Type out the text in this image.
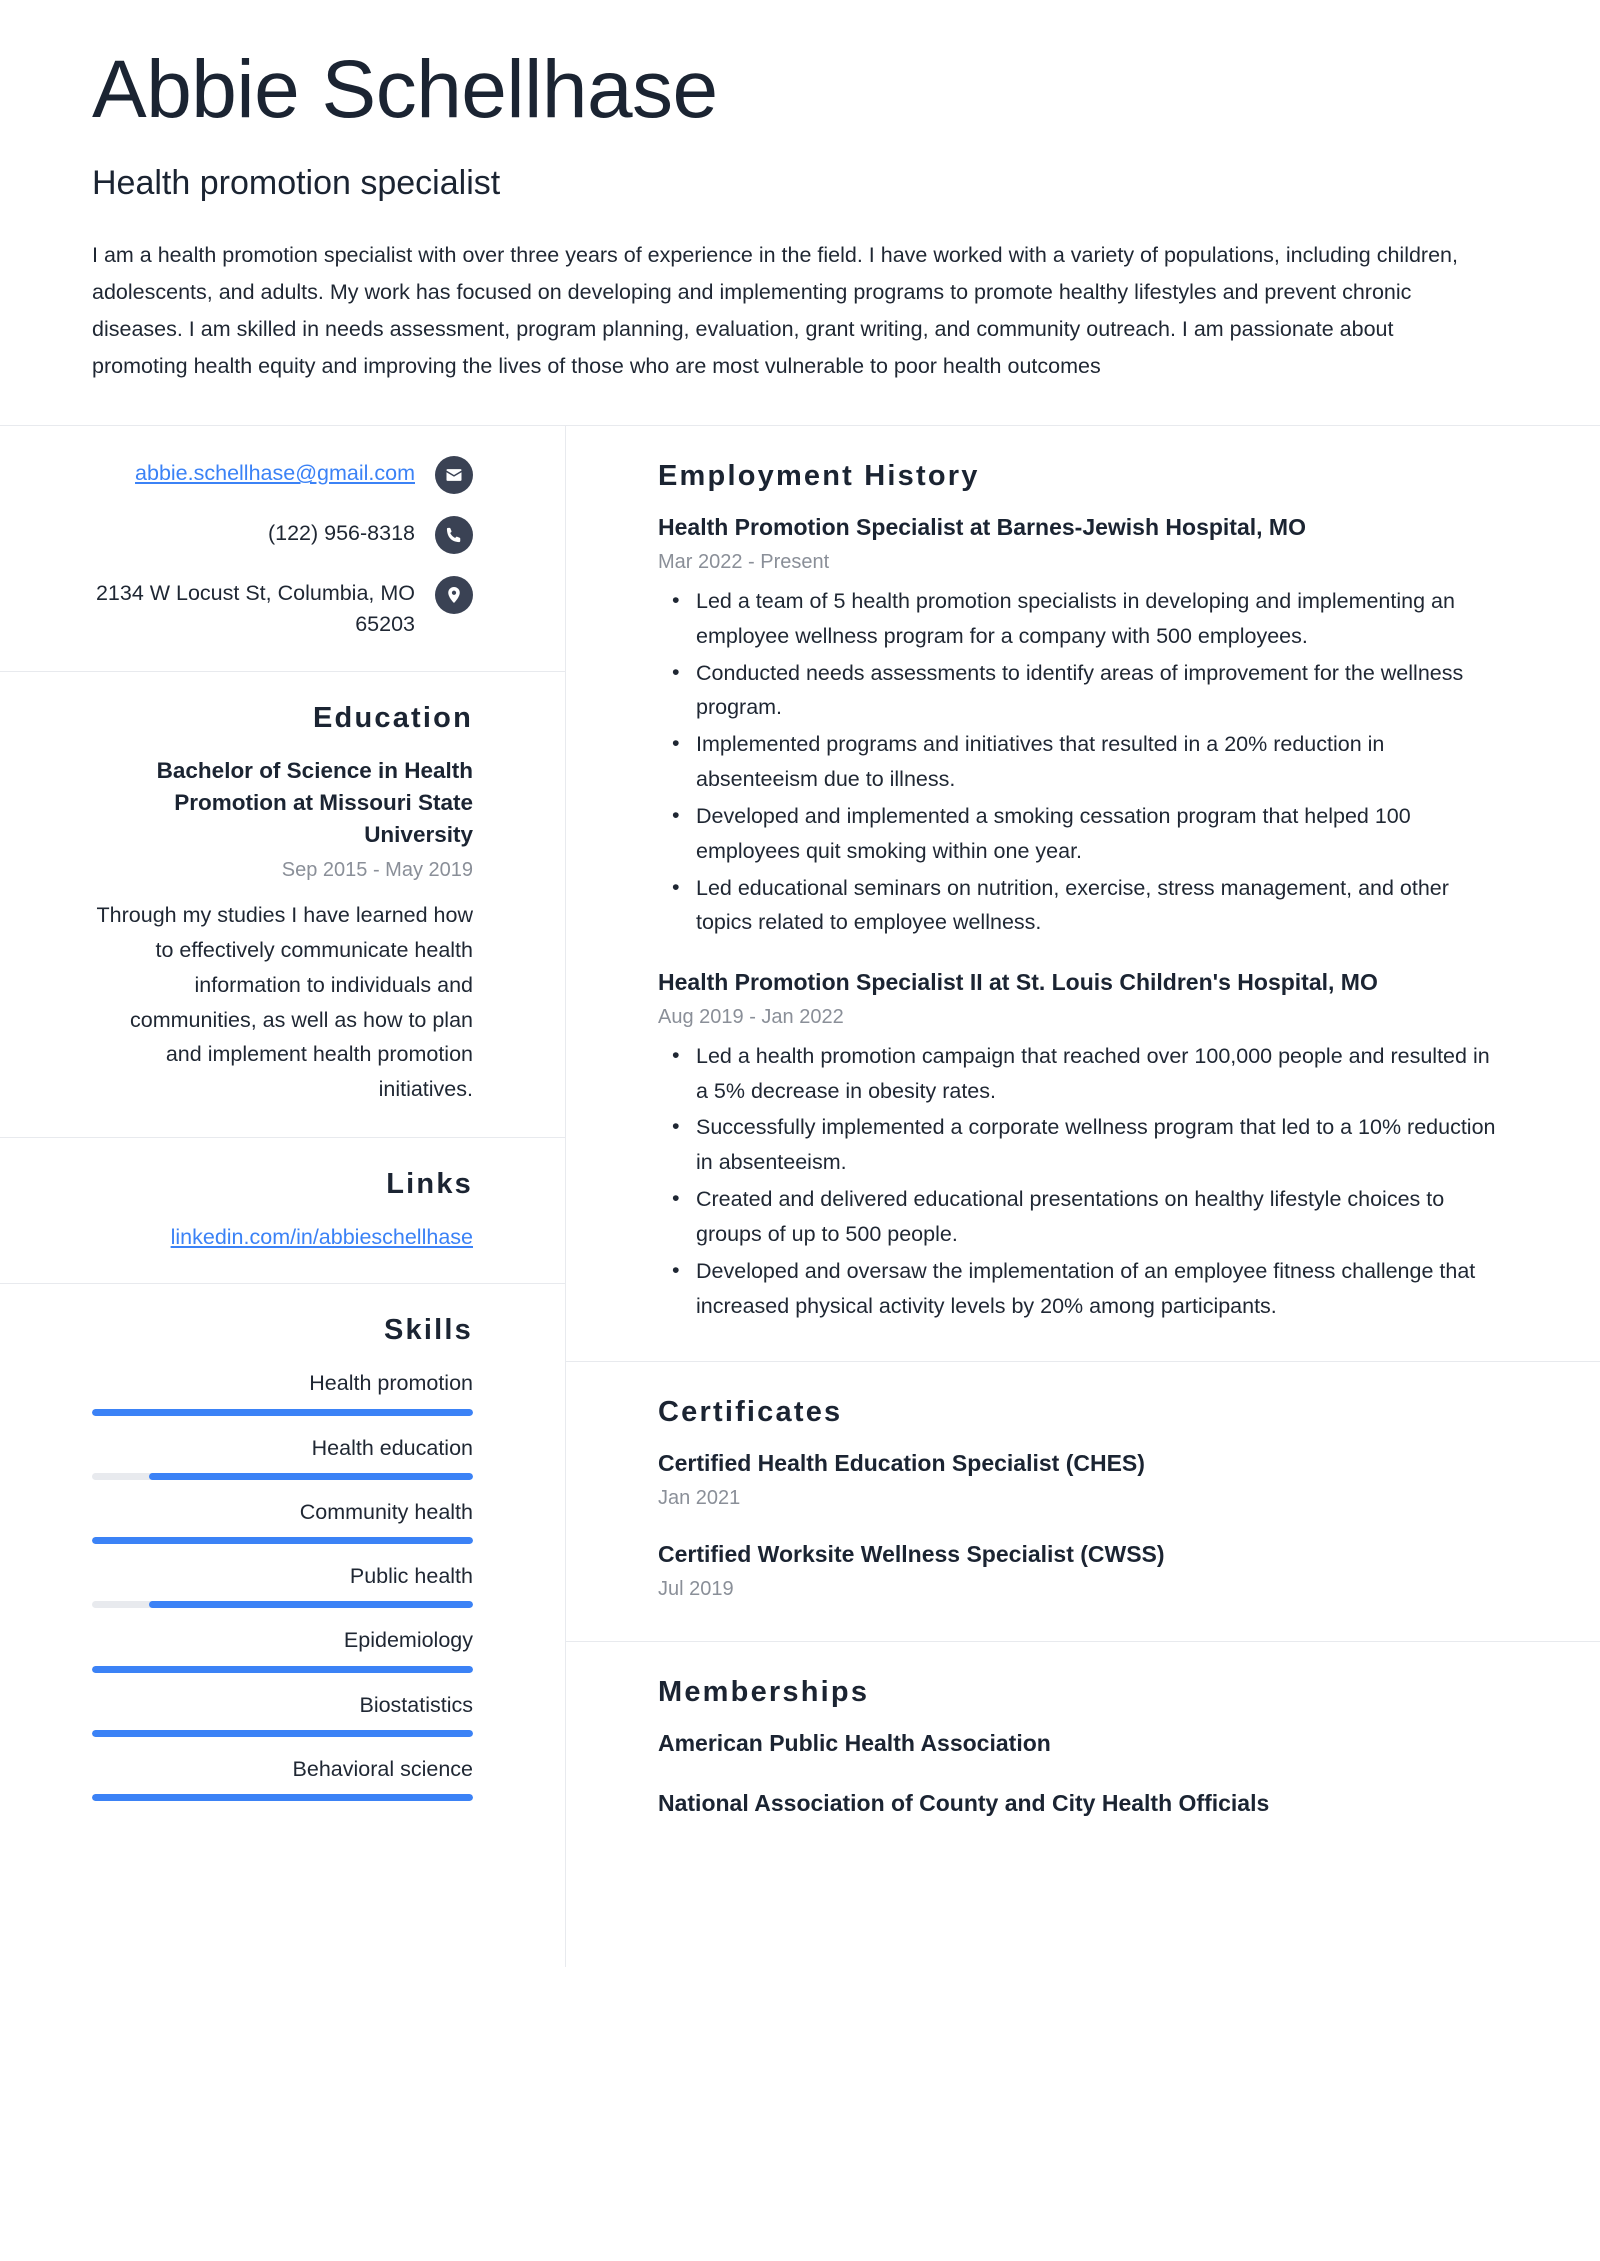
Abbie Schellhase
Health promotion specialist
I am a health promotion specialist with over three years of experience in the field. I have worked with a variety of populations, including children, adolescents, and adults. My work has focused on developing and implementing programs to promote healthy lifestyles and prevent chronic diseases. I am skilled in needs assessment, program planning, evaluation, grant writing, and community outreach. I am passionate about promoting health equity and improving the lives of those who are most vulnerable to poor health outcomes
abbie.schellhase@gmail.com
(122) 956-8318
2134 W Locust St, Columbia, MO 65203
Education
Bachelor of Science in Health Promotion at Missouri State University
Sep 2015 - May 2019
Through my studies I have learned how to effectively communicate health information to individuals and communities, as well as how to plan and implement health promotion initiatives.
Links
linkedin.com/in/abbieschellhase
Skills
Health promotion
Health education
Community health
Public health
Epidemiology
Biostatistics
Behavioral science
Employment History
Health Promotion Specialist at Barnes-Jewish Hospital, MO
Mar 2022 - Present
• Led a team of 5 health promotion specialists in developing and implementing an employee wellness program for a company with 500 employees.
• Conducted needs assessments to identify areas of improvement for the wellness program.
• Implemented programs and initiatives that resulted in a 20% reduction in absenteeism due to illness.
• Developed and implemented a smoking cessation program that helped 100 employees quit smoking within one year.
• Led educational seminars on nutrition, exercise, stress management, and other topics related to employee wellness.
Health Promotion Specialist II at St. Louis Children's Hospital, MO
Aug 2019 - Jan 2022
• Led a health promotion campaign that reached over 100,000 people and resulted in a 5% decrease in obesity rates.
• Successfully implemented a corporate wellness program that led to a 10% reduction in absenteeism.
• Created and delivered educational presentations on healthy lifestyle choices to groups of up to 500 people.
• Developed and oversaw the implementation of an employee fitness challenge that increased physical activity levels by 20% among participants.
Certificates
Certified Health Education Specialist (CHES)
Jan 2021
Certified Worksite Wellness Specialist (CWSS)
Jul 2019
Memberships
American Public Health Association
National Association of County and City Health Officials
